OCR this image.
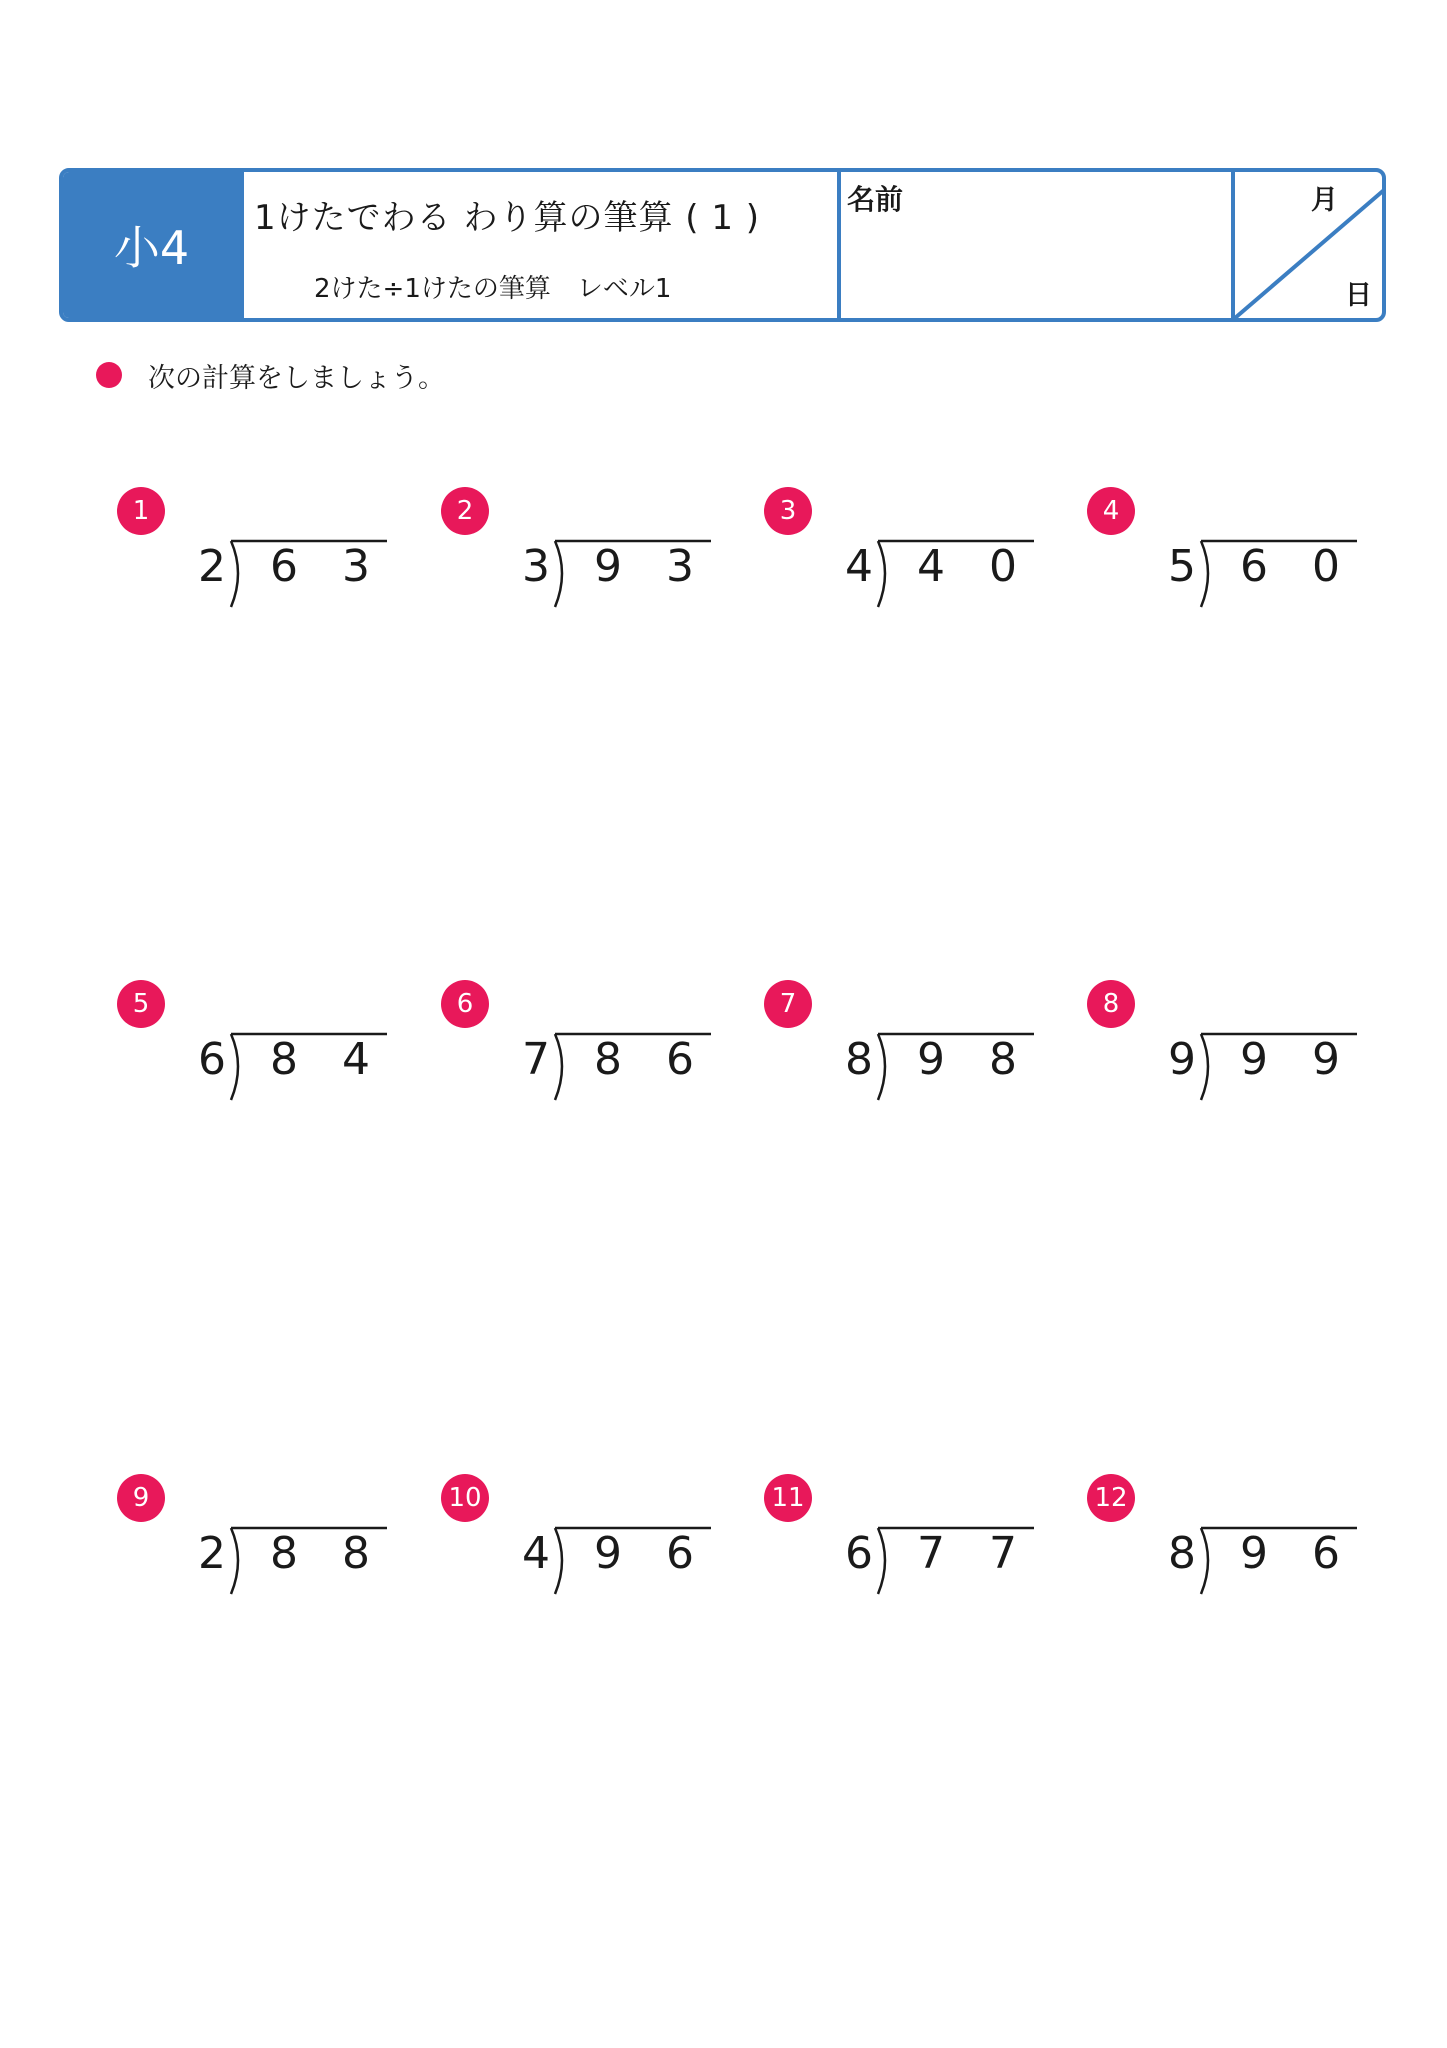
小4
1けたでわる わり算の筆算 ( 1 )
2けた÷1けたの筆算　レベル1
名前	月
日
次の計算をしましょう。
1
2 6 3
2
3 9 3
3
4 4 0
4
5 6 0
5
6 8 4
6
7 8 6
7
8 9 8
8
9 9 9
9
2 8 8
10
4 9 6
11
6 7 7
12
8 9 6
